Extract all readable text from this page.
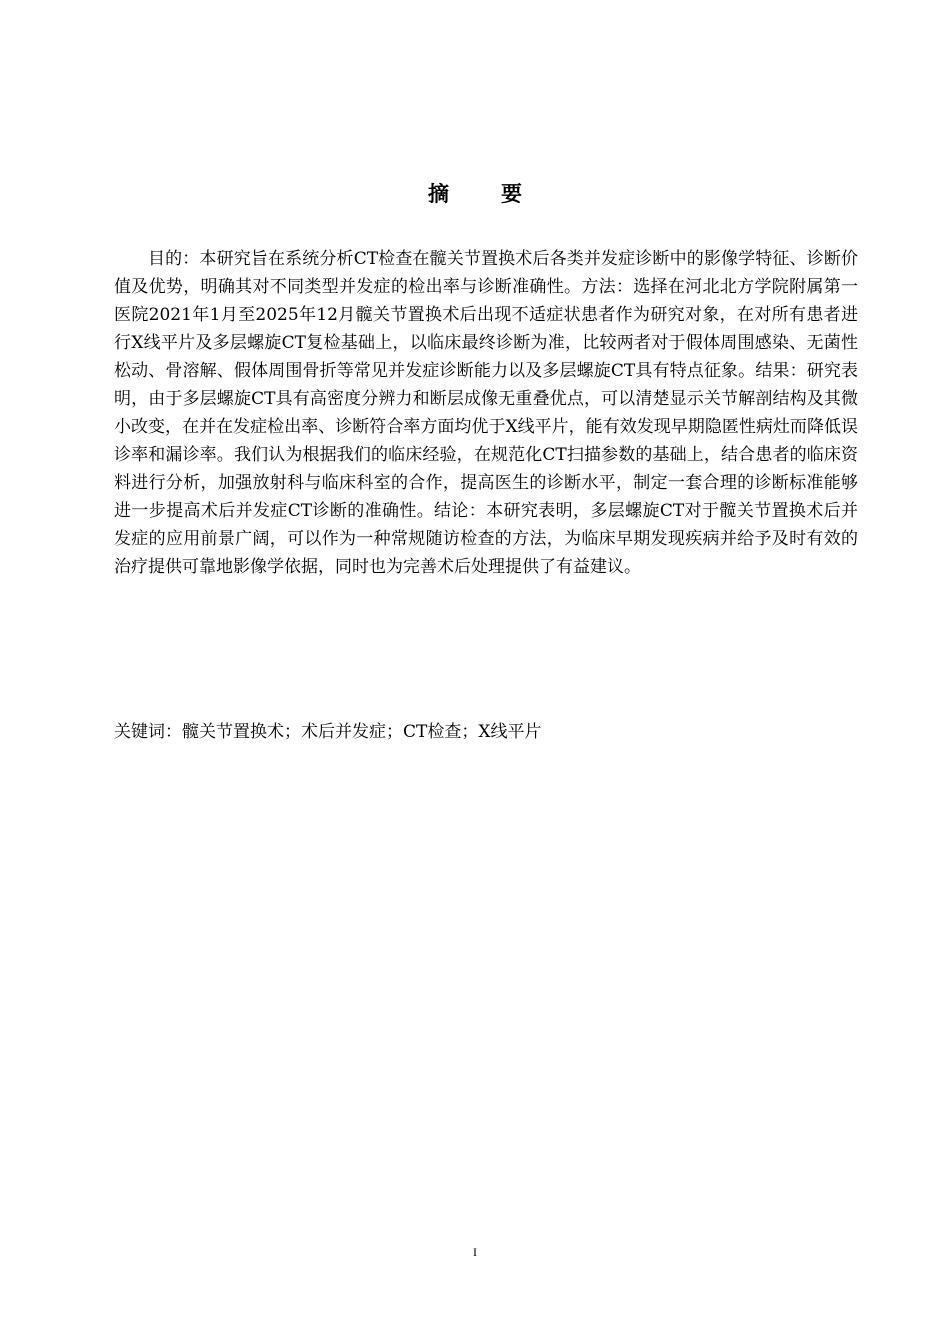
摘要

目的：本研究旨在系统分析CT检查在髋关节置换术后各类并发症诊断中的影像学特征、诊断价值及优势，明确其对不同类型并发症的检出率与诊断准确性。方法：选择在河北北方学院附属第一医院2021年1月至2025年12月髋关节置换术后出现不适症状患者作为研究对象，在对所有患者进行X线平片及多层螺旋CT复检基础上，以临床最终诊断为准，比较两者对于假体周围感染、无菌性松动、骨溶解、假体周围骨折等常见并发症诊断能力以及多层螺旋CT具有特点征象。结果：研究表明，由于多层螺旋CT具有高密度分辨力和断层成像无重叠优点，可以清楚显示关节解剖结构及其微小改变，在并在发症检出率、诊断符合率方面均优于X线平片，能有效发现早期隐匿性病灶而降低误诊率和漏诊率。我们认为根据我们的临床经验，在规范化CT扫描参数的基础上，结合患者的临床资料进行分析，加强放射科与临床科室的合作，提高医生的诊断水平，制定一套合理的诊断标准能够进一步提高术后并发症CT诊断的准确性。结论：本研究表明，多层螺旋CT对于髋关节置换术后并发症的应用前景广阔，可以作为一种常规随访检查的方法，为临床早期发现疾病并给予及时有效的治疗提供可靠地影像学依据，同时也为完善术后处理提供了有益建议。

关键词：髋关节置换术；术后并发症；CT检查；X线平片

I
